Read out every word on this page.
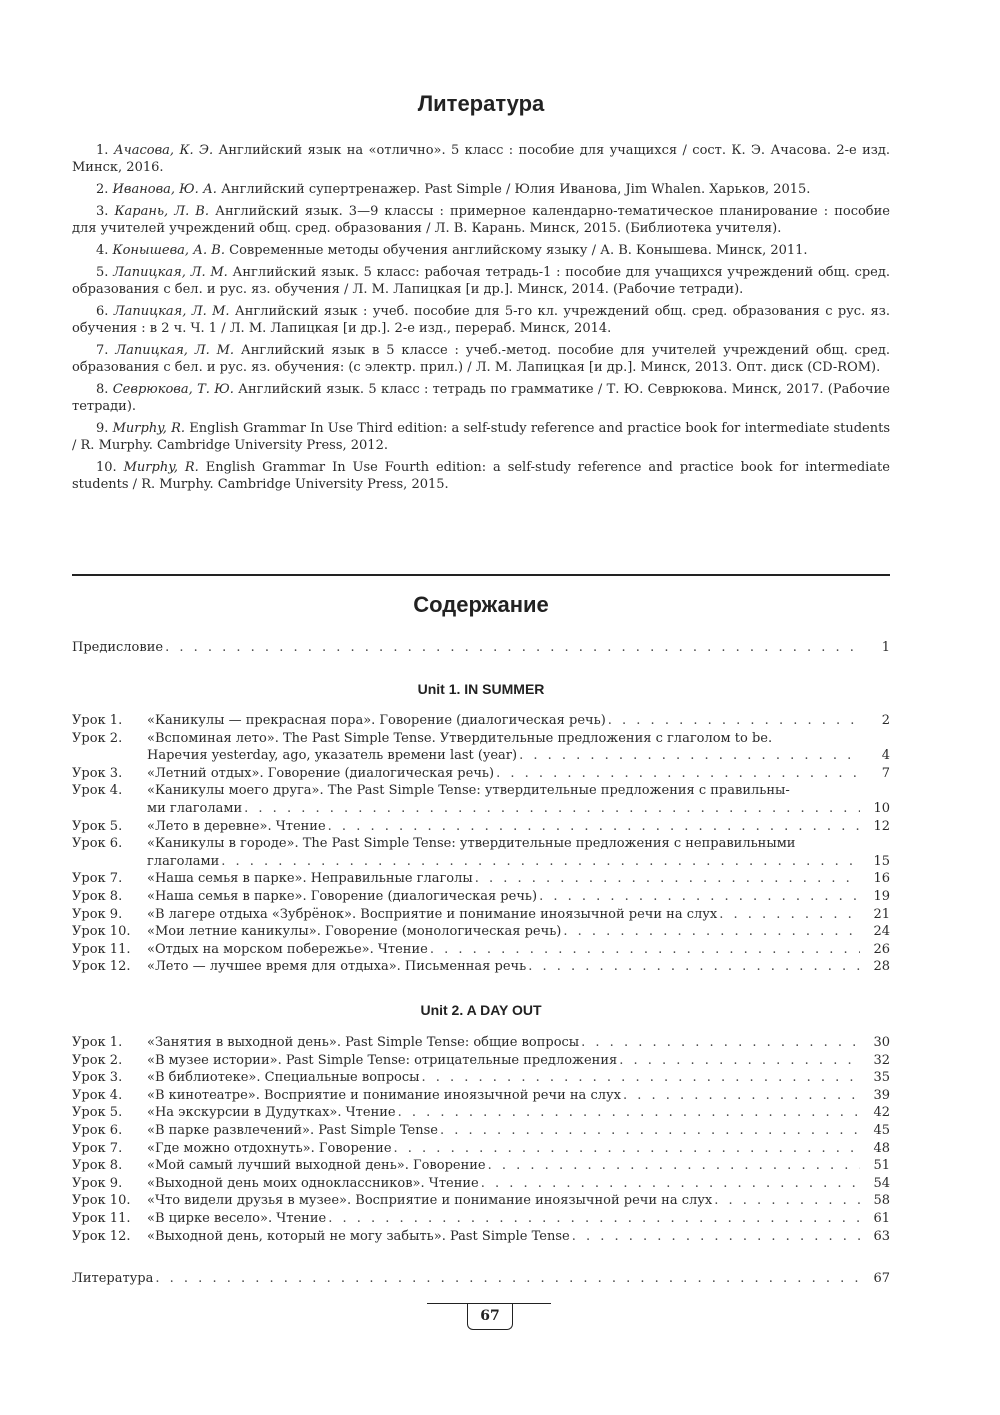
Литература

1. Ачасова, К. Э. Английский язык на «отлично». 5 класс : пособие для учащихся / сост. К. Э. Ачасова. 2-е изд. Минск, 2016.

2. Иванова, Ю. А. Английский супертренажер. Past Simple / Юлия Иванова, Jim Whalen. Харьков, 2015.

3. Карань, Л. В. Английский язык. 3—9 классы : примерное календарно-тематическое планирование : пособие для учителей учреждений общ. сред. образования / Л. В. Карань. Минск, 2015. (Библиотека учителя).

4. Конышева, А. В. Современные методы обучения английскому языку / А. В. Конышева. Минск, 2011.

5. Лапицкая, Л. М. Английский язык. 5 класс: рабочая тетрадь-1 : пособие для учащихся учреждений общ. сред. образования с бел. и рус. яз. обучения / Л. М. Лапицкая [и др.]. Минск, 2014. (Рабочие тетради).

6. Лапицкая, Л. М. Английский язык : учеб. пособие для 5-го кл. учреждений общ. сред. образования с рус. яз. обучения : в 2 ч. Ч. 1 / Л. М. Лапицкая [и др.]. 2-е изд., перераб. Минск, 2014.

7. Лапицкая, Л. М. Английский язык в 5 классе : учеб.-метод. пособие для учителей учреждений общ. сред. образования с бел. и рус. яз. обучения: (с электр. прил.) / Л. М. Лапицкая [и др.]. Минск, 2013. Опт. диск (CD-ROM).

8. Севрюкова, Т. Ю. Английский язык. 5 класс : тетрадь по грамматике / Т. Ю. Севрюкова. Минск, 2017. (Рабочие тетради).

9. Murphy, R. English Grammar In Use Third edition: a self-study reference and practice book for intermediate students / R. Murphy. Cambridge University Press, 2012.

10. Murphy, R. English Grammar In Use Fourth edition: a self-study reference and practice book for intermediate students / R. Murphy. Cambridge University Press, 2015.

Содержание
Предисловие . . .	1
Unit 1. IN SUMMER
Урок 1.	«Каникулы — прекрасная пора». Говорение (диалогическая речь) . . .	2
Урок 2.	«Вспоминая лето». The Past Simple Tense. Утвердительные предложения с глаголом to be.
Наречия yesterday, ago, указатель времени last (year) . . .	4
Урок 3.	«Летний отдых». Говорение (диалогическая речь) . . .	7
Урок 4.	«Каникулы моего друга». The Past Simple Tense: утвердительные предложения с правильны-
ми глаголами . . .	10
Урок 5.	«Лето в деревне». Чтение . . .	12
Урок 6.	«Каникулы в городе». The Past Simple Tense: утвердительные предложения с неправильными
глаголами . . .	15
Урок 7.	«Наша семья в парке». Неправильные глаголы . . .	16
Урок 8.	«Наша семья в парке». Говорение (диалогическая речь) . . .	19
Урок 9.	«В лагере отдыха «Зубрёнок». Восприятие и понимание иноязычной речи на слух . . .	21
Урок 10.	«Мои летние каникулы». Говорение (монологическая речь) . . .	24
Урок 11.	«Отдых на морском побережье». Чтение . . .	26
Урок 12.	«Лето — лучшее время для отдыха». Письменная речь . . .	28
Unit 2. A DAY OUT
Урок 1.	«Занятия в выходной день». Past Simple Tense: общие вопросы . . .	30
Урок 2.	«В музее истории». Past Simple Tense: отрицательные предложения . . .	32
Урок 3.	«В библиотеке». Специальные вопросы . . .	35
Урок 4.	«В кинотеатре». Восприятие и понимание иноязычной речи на слух . . .	39
Урок 5.	«На экскурсии в Дудутках». Чтение . . .	42
Урок 6.	«В парке развлечений». Past Simple Tense . . .	45
Урок 7.	«Где можно отдохнуть». Говорение . . .	48
Урок 8.	«Мой самый лучший выходной день». Говорение . . .	51
Урок 9.	«Выходной день моих одноклассников». Чтение . . .	54
Урок 10.	«Что видели друзья в музее». Восприятие и понимание иноязычной речи на слух . . .	58
Урок 11.	«В цирке весело». Чтение . . .	61
Урок 12.	«Выходной день, который не могу забыть». Past Simple Tense . . .	63
Литература . . .	67
67
